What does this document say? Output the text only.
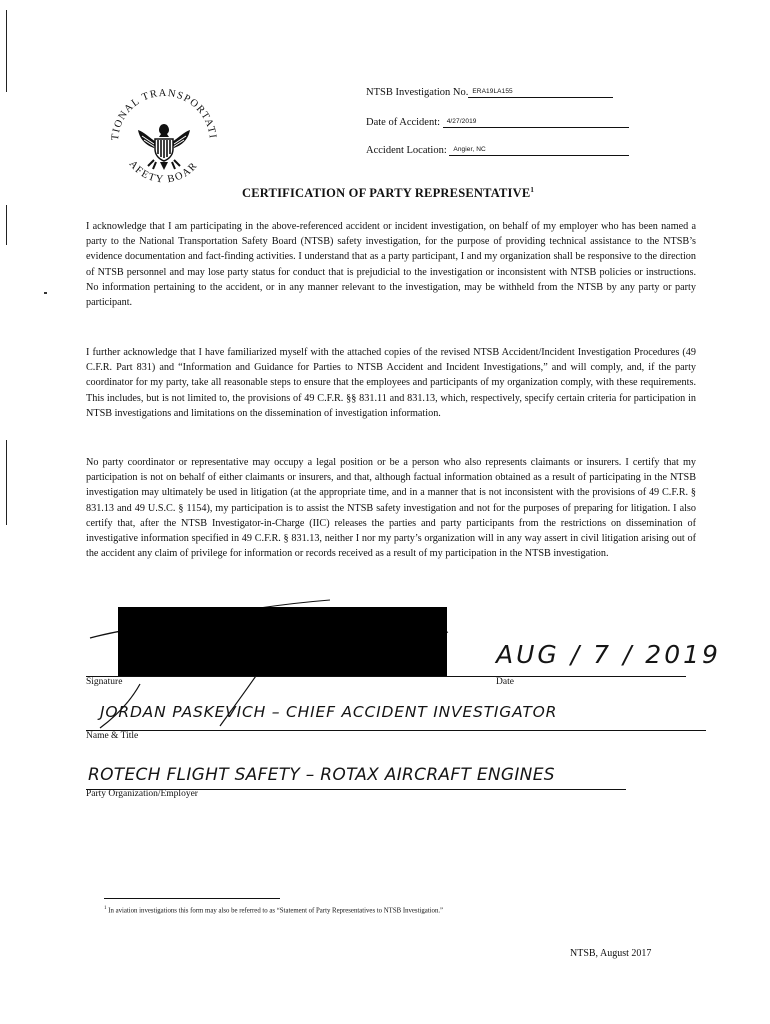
TIONAL TRANSPORTATI
AFETY BOAR
NTSB Investigation No. ERA19LA155
Date of Accident: 4/27/2019
Accident Location: Angier, NC
CERTIFICATION OF PARTY REPRESENTATIVE$^1$
I acknowledge that I am participating in the above-referenced accident or incident investigation, on behalf of my employer who has been named a party to the National Transportation Safety Board (NTSB) safety investigation, for the purpose of providing technical assistance to the NTSB’s evidence documentation and fact-finding activities. I understand that as a party participant, I and my organization shall be responsive to the direction of NTSB personnel and may lose party status for conduct that is prejudicial to the investigation or inconsistent with NTSB policies or instructions. No information pertaining to the accident, or in any manner relevant to the investigation, may be withheld from the NTSB by any party or party participant.
I further acknowledge that I have familiarized myself with the attached copies of the revised NTSB Accident/Incident Investigation Procedures (49 C.F.R. Part 831) and “Information and Guidance for Parties to NTSB Accident and Incident Investigations,” and will comply, and, if the party coordinator for my party, take all reasonable steps to ensure that the employees and participants of my organization comply, with these requirements. This includes, but is not limited to, the provisions of 49 C.F.R. §§ 831.11 and 831.13, which, respectively, specify certain criteria for participation in NTSB investigations and limitations on the dissemination of investigation information.
No party coordinator or representative may occupy a legal position or be a person who also represents claimants or insurers. I certify that my participation is not on behalf of either claimants or insurers, and that, although factual information obtained as a result of participating in the NTSB investigation may ultimately be used in litigation (at the appropriate time, and in a manner that is not inconsistent with the provisions of 49 C.F.R. § 831.13 and 49 U.S.C. § 1154), my participation is to assist the NTSB safety investigation and not for the purposes of preparing for litigation. I also certify that, after the NTSB Investigator-in-Charge (IIC) releases the parties and party participants from the restrictions on dissemination of investigative information specified in 49 C.F.R. § 831.13, neither I nor my party’s organization will in any way assert in civil litigation arising out of the accident any claim of privilege for information or records received as a result of my participation in the NTSB investigation.
Signature	Date
AUG / 7 / 2019
JORDAN PASKEVICH – CHIEF ACCIDENT INVESTIGATOR
Name & Title
ROTECH FLIGHT SAFETY – ROTAX AIRCRAFT ENGINES
Party Organization/Employer
$^1$ In aviation investigations this form may also be referred to as “Statement of Party Representatives to NTSB Investigation.”
NTSB, August 2017
